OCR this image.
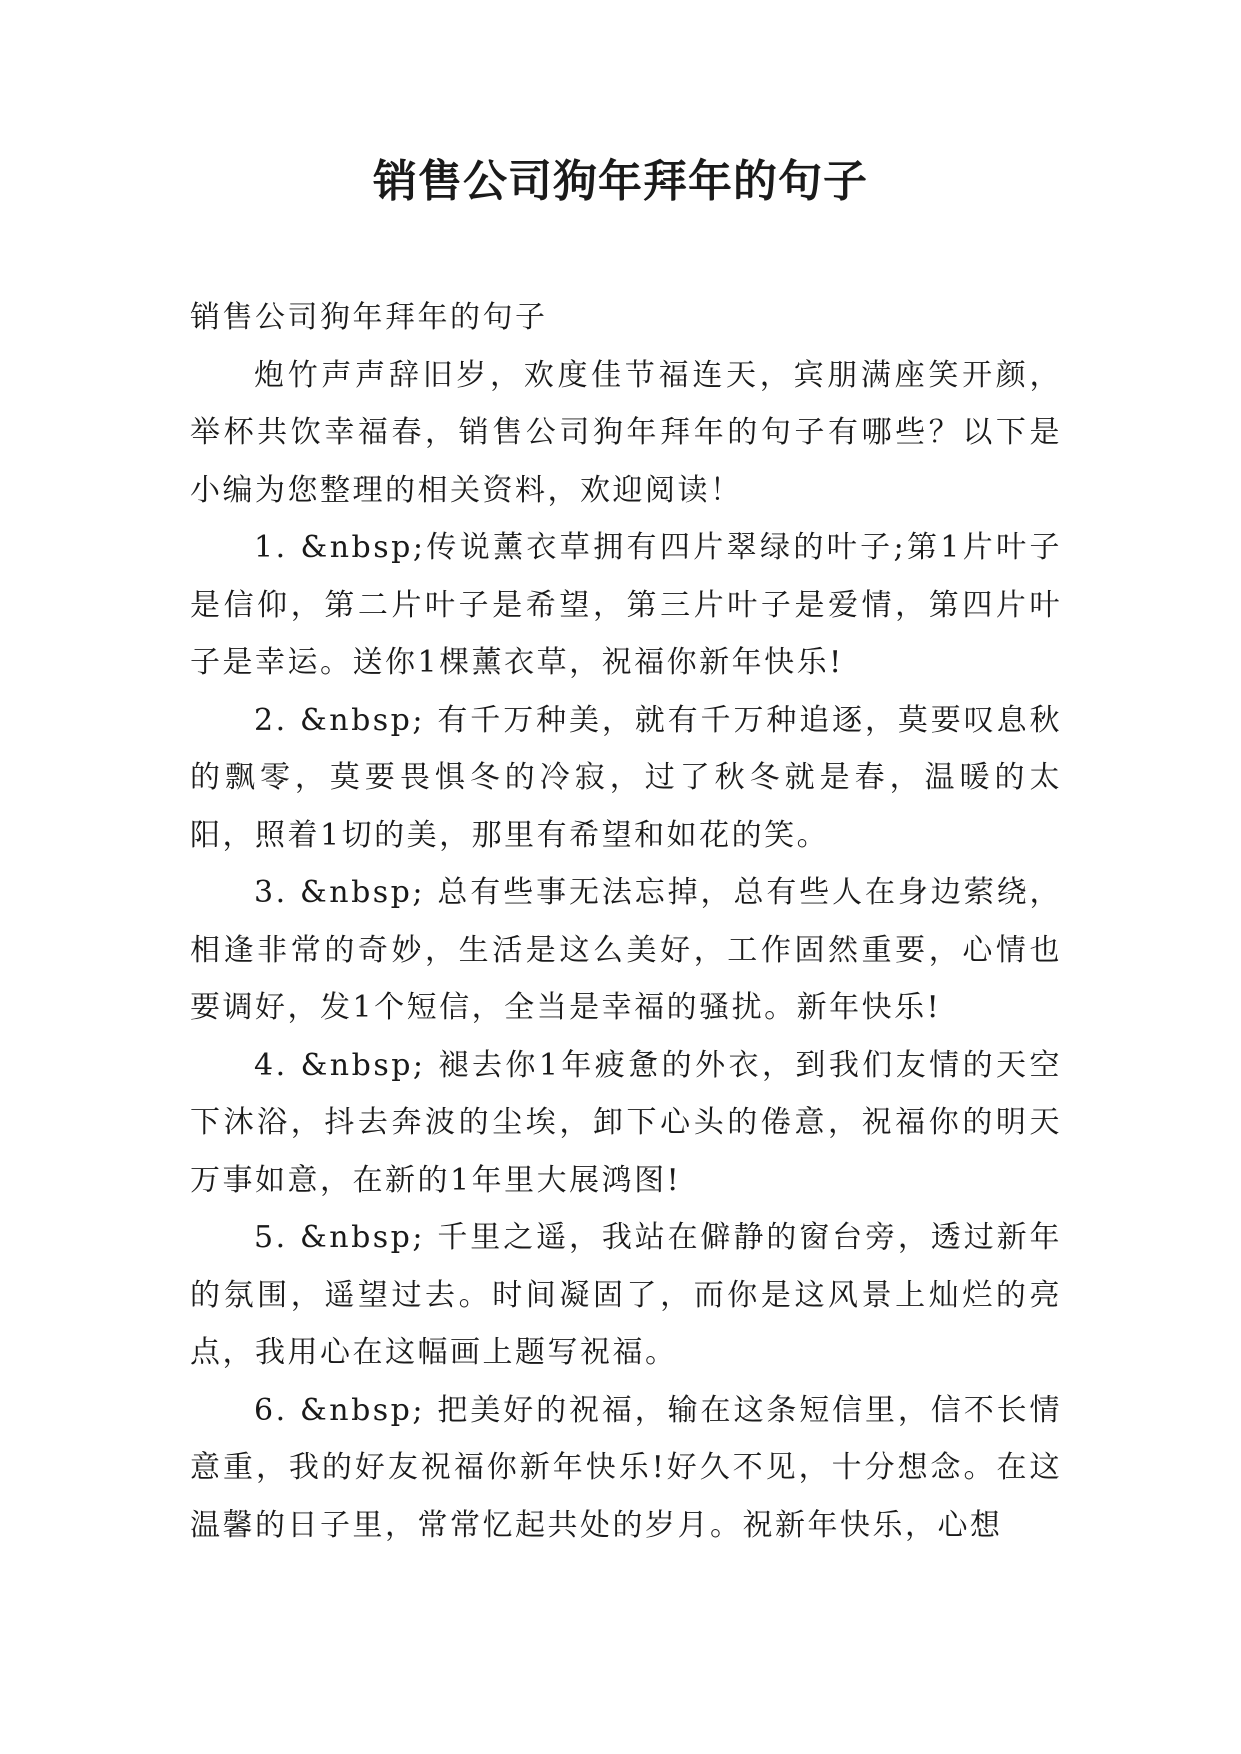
销售公司狗年拜年的句子

销售公司狗年拜年的句子

炮竹声声辞旧岁，欢度佳节福连天，宾朋满座笑开颜，举杯共饮幸福春，销售公司狗年拜年的句子有哪些？以下是小编为您整理的相关资料，欢迎阅读！

1. &nbsp;传说薰衣草拥有四片翠绿的叶子;第1片叶子是信仰，第二片叶子是希望，第三片叶子是爱情，第四片叶子是幸运。送你1棵薰衣草，祝福你新年快乐!

2. &nbsp; 有千万种美，就有千万种追逐，莫要叹息秋的飘零，莫要畏惧冬的冷寂，过了秋冬就是春，温暖的太阳，照着1切的美，那里有希望和如花的笑。

3. &nbsp; 总有些事无法忘掉，总有些人在身边萦绕，相逢非常的奇妙，生活是这么美好，工作固然重要，心情也要调好，发1个短信，全当是幸福的骚扰。新年快乐!

4. &nbsp; 褪去你1年疲惫的外衣，到我们友情的天空下沐浴，抖去奔波的尘埃，卸下心头的倦意，祝福你的明天万事如意，在新的1年里大展鸿图!

5. &nbsp; 千里之遥，我站在僻静的窗台旁，透过新年的氛围，遥望过去。时间凝固了，而你是这风景上灿烂的亮点，我用心在这幅画上题写祝福。

6. &nbsp; 把美好的祝福，输在这条短信里，信不长情意重，我的好友祝福你新年快乐!好久不见，十分想念。在这温馨的日子里，常常忆起共处的岁月。祝新年快乐，心想
